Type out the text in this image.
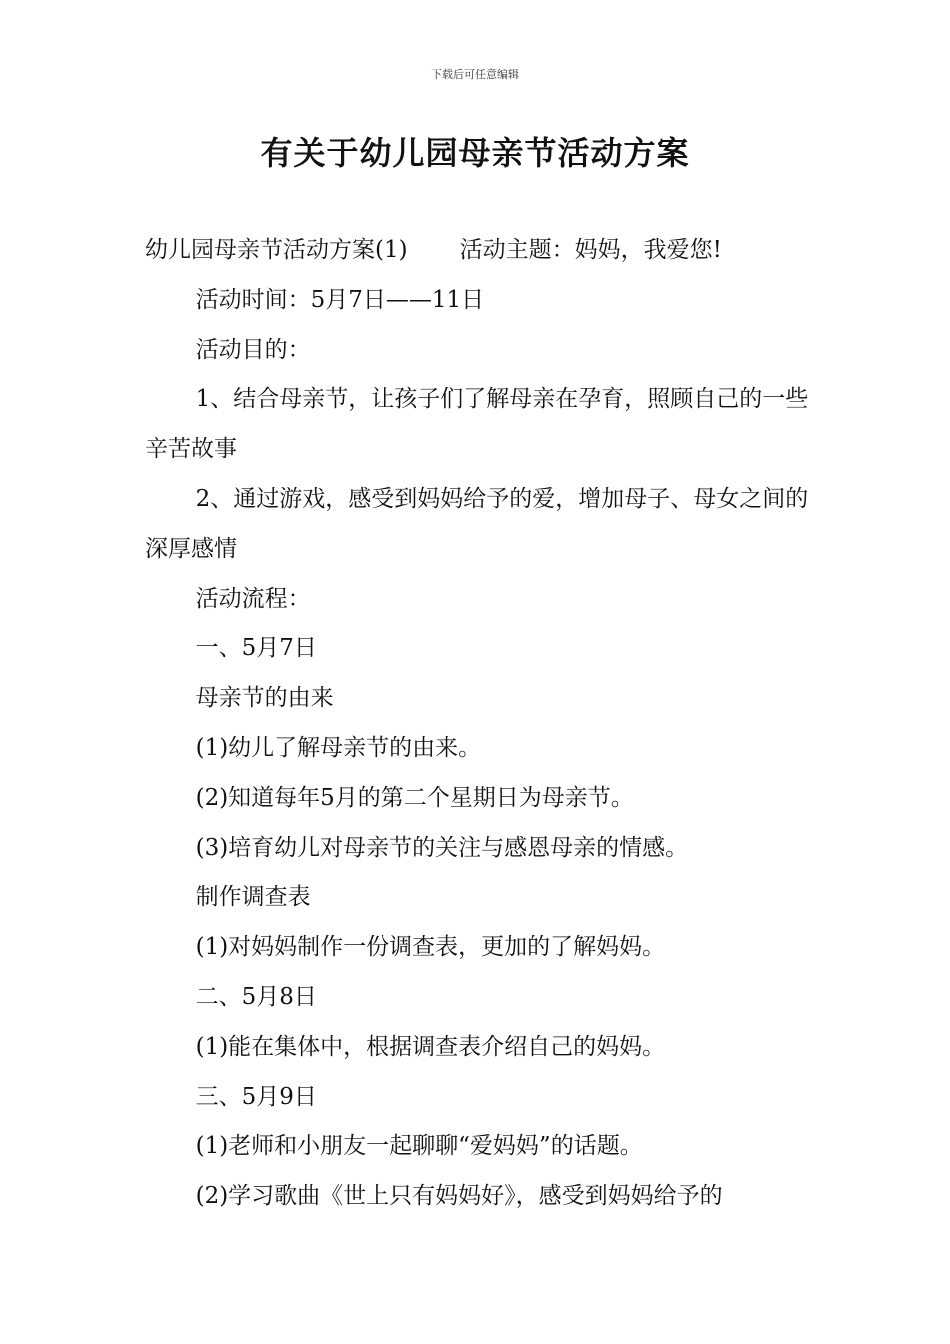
下载后可任意编辑
有关于幼儿园母亲节活动方案

幼儿园母亲节活动方案(1) 活动主题：妈妈，我爱您!

活动时间：5月7日——11日

活动目的：

1、结合母亲节，让孩子们了解母亲在孕育，照顾自己的一些辛苦故事

2、通过游戏，感受到妈妈给予的爱，增加母子、母女之间的深厚感情

活动流程：

一、5月7日

母亲节的由来

(1)幼儿了解母亲节的由来。

(2)知道每年5月的第二个星期日为母亲节。

(3)培育幼儿对母亲节的关注与感恩母亲的情感。

制作调查表

(1)对妈妈制作一份调查表，更加的了解妈妈。

二、5月8日

(1)能在集体中，根据调查表介绍自己的妈妈。

三、5月9日

(1)老师和小朋友一起聊聊“爱妈妈”的话题。

(2)学习歌曲《世上只有妈妈好》，感受到妈妈给予的
